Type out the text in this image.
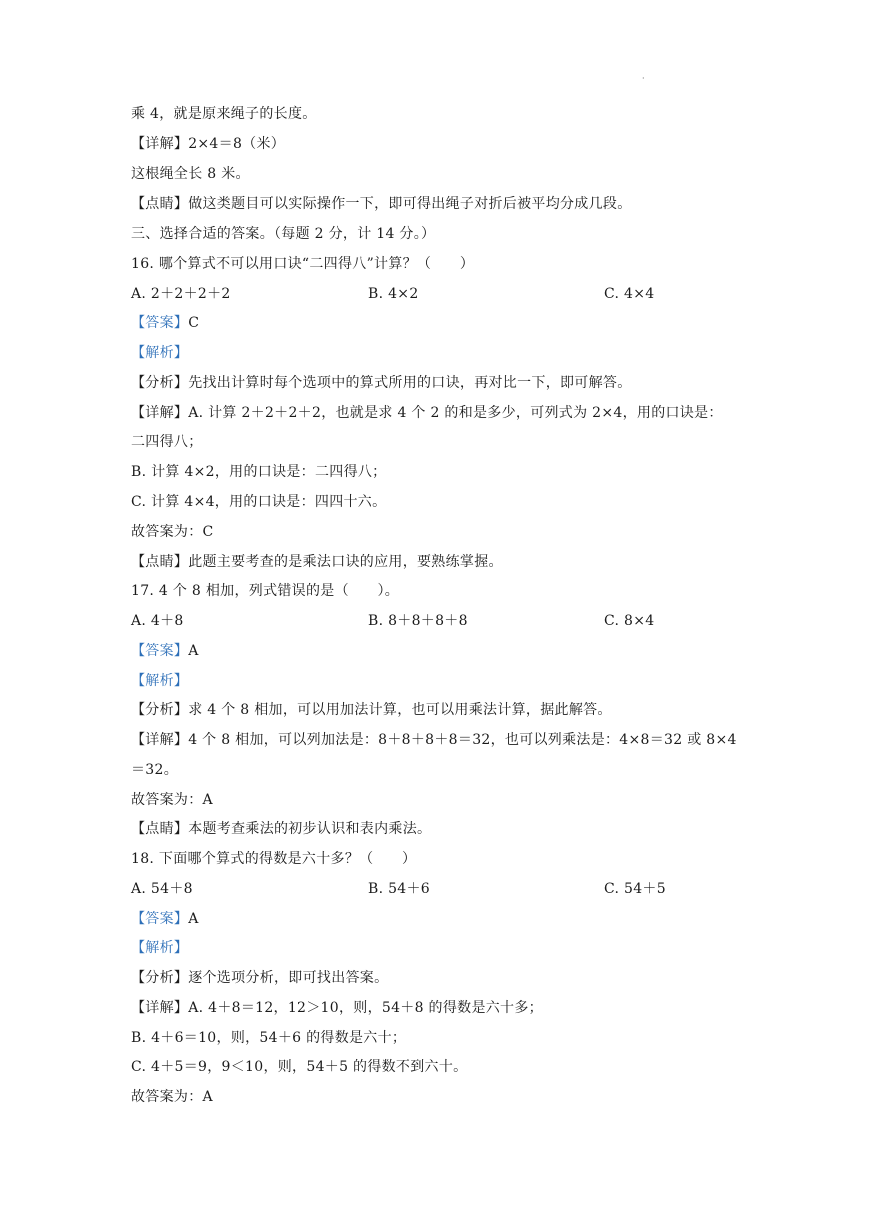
·
乘 4，就是原来绳子的长度。
【详解】2×4＝8（米）
这根绳全长 8 米。
【点睛】做这类题目可以实际操作一下，即可得出绳子对折后被平均分成几段。
三、选择合适的答案。（每题 2 分，计 14 分。）
16. 哪个算式不可以用口诀“二四得八”计算？（　　）
A. 2＋2＋2＋2	B. 4×2	C. 4×4
【答案】C
【解析】
【分析】先找出计算时每个选项中的算式所用的口诀，再对比一下，即可解答。
【详解】A. 计算 2＋2＋2＋2，也就是求 4 个 2 的和是多少，可列式为 2×4，用的口诀是：
二四得八；
B. 计算 4×2，用的口诀是：二四得八；
C. 计算 4×4，用的口诀是：四四十六。
故答案为：C
【点睛】此题主要考查的是乘法口诀的应用，要熟练掌握。
17. 4 个 8 相加，列式错误的是（　　）。
A. 4＋8	B. 8＋8＋8＋8	C. 8×4
【答案】A
【解析】
【分析】求 4 个 8 相加，可以用加法计算，也可以用乘法计算，据此解答。
【详解】4 个 8 相加，可以列加法是：8＋8＋8＋8＝32，也可以列乘法是：4×8＝32 或 8×4
＝32。
故答案为：A
【点睛】本题考查乘法的初步认识和表内乘法。
18. 下面哪个算式的得数是六十多？（　　）
A. 54＋8	B. 54＋6	C. 54＋5
【答案】A
【解析】
【分析】逐个选项分析，即可找出答案。
【详解】A. 4＋8＝12，12＞10，则，54＋8 的得数是六十多；
B. 4＋6＝10，则，54＋6 的得数是六十；
C. 4＋5＝9，9＜10，则，54＋5 的得数不到六十。
故答案为：A
